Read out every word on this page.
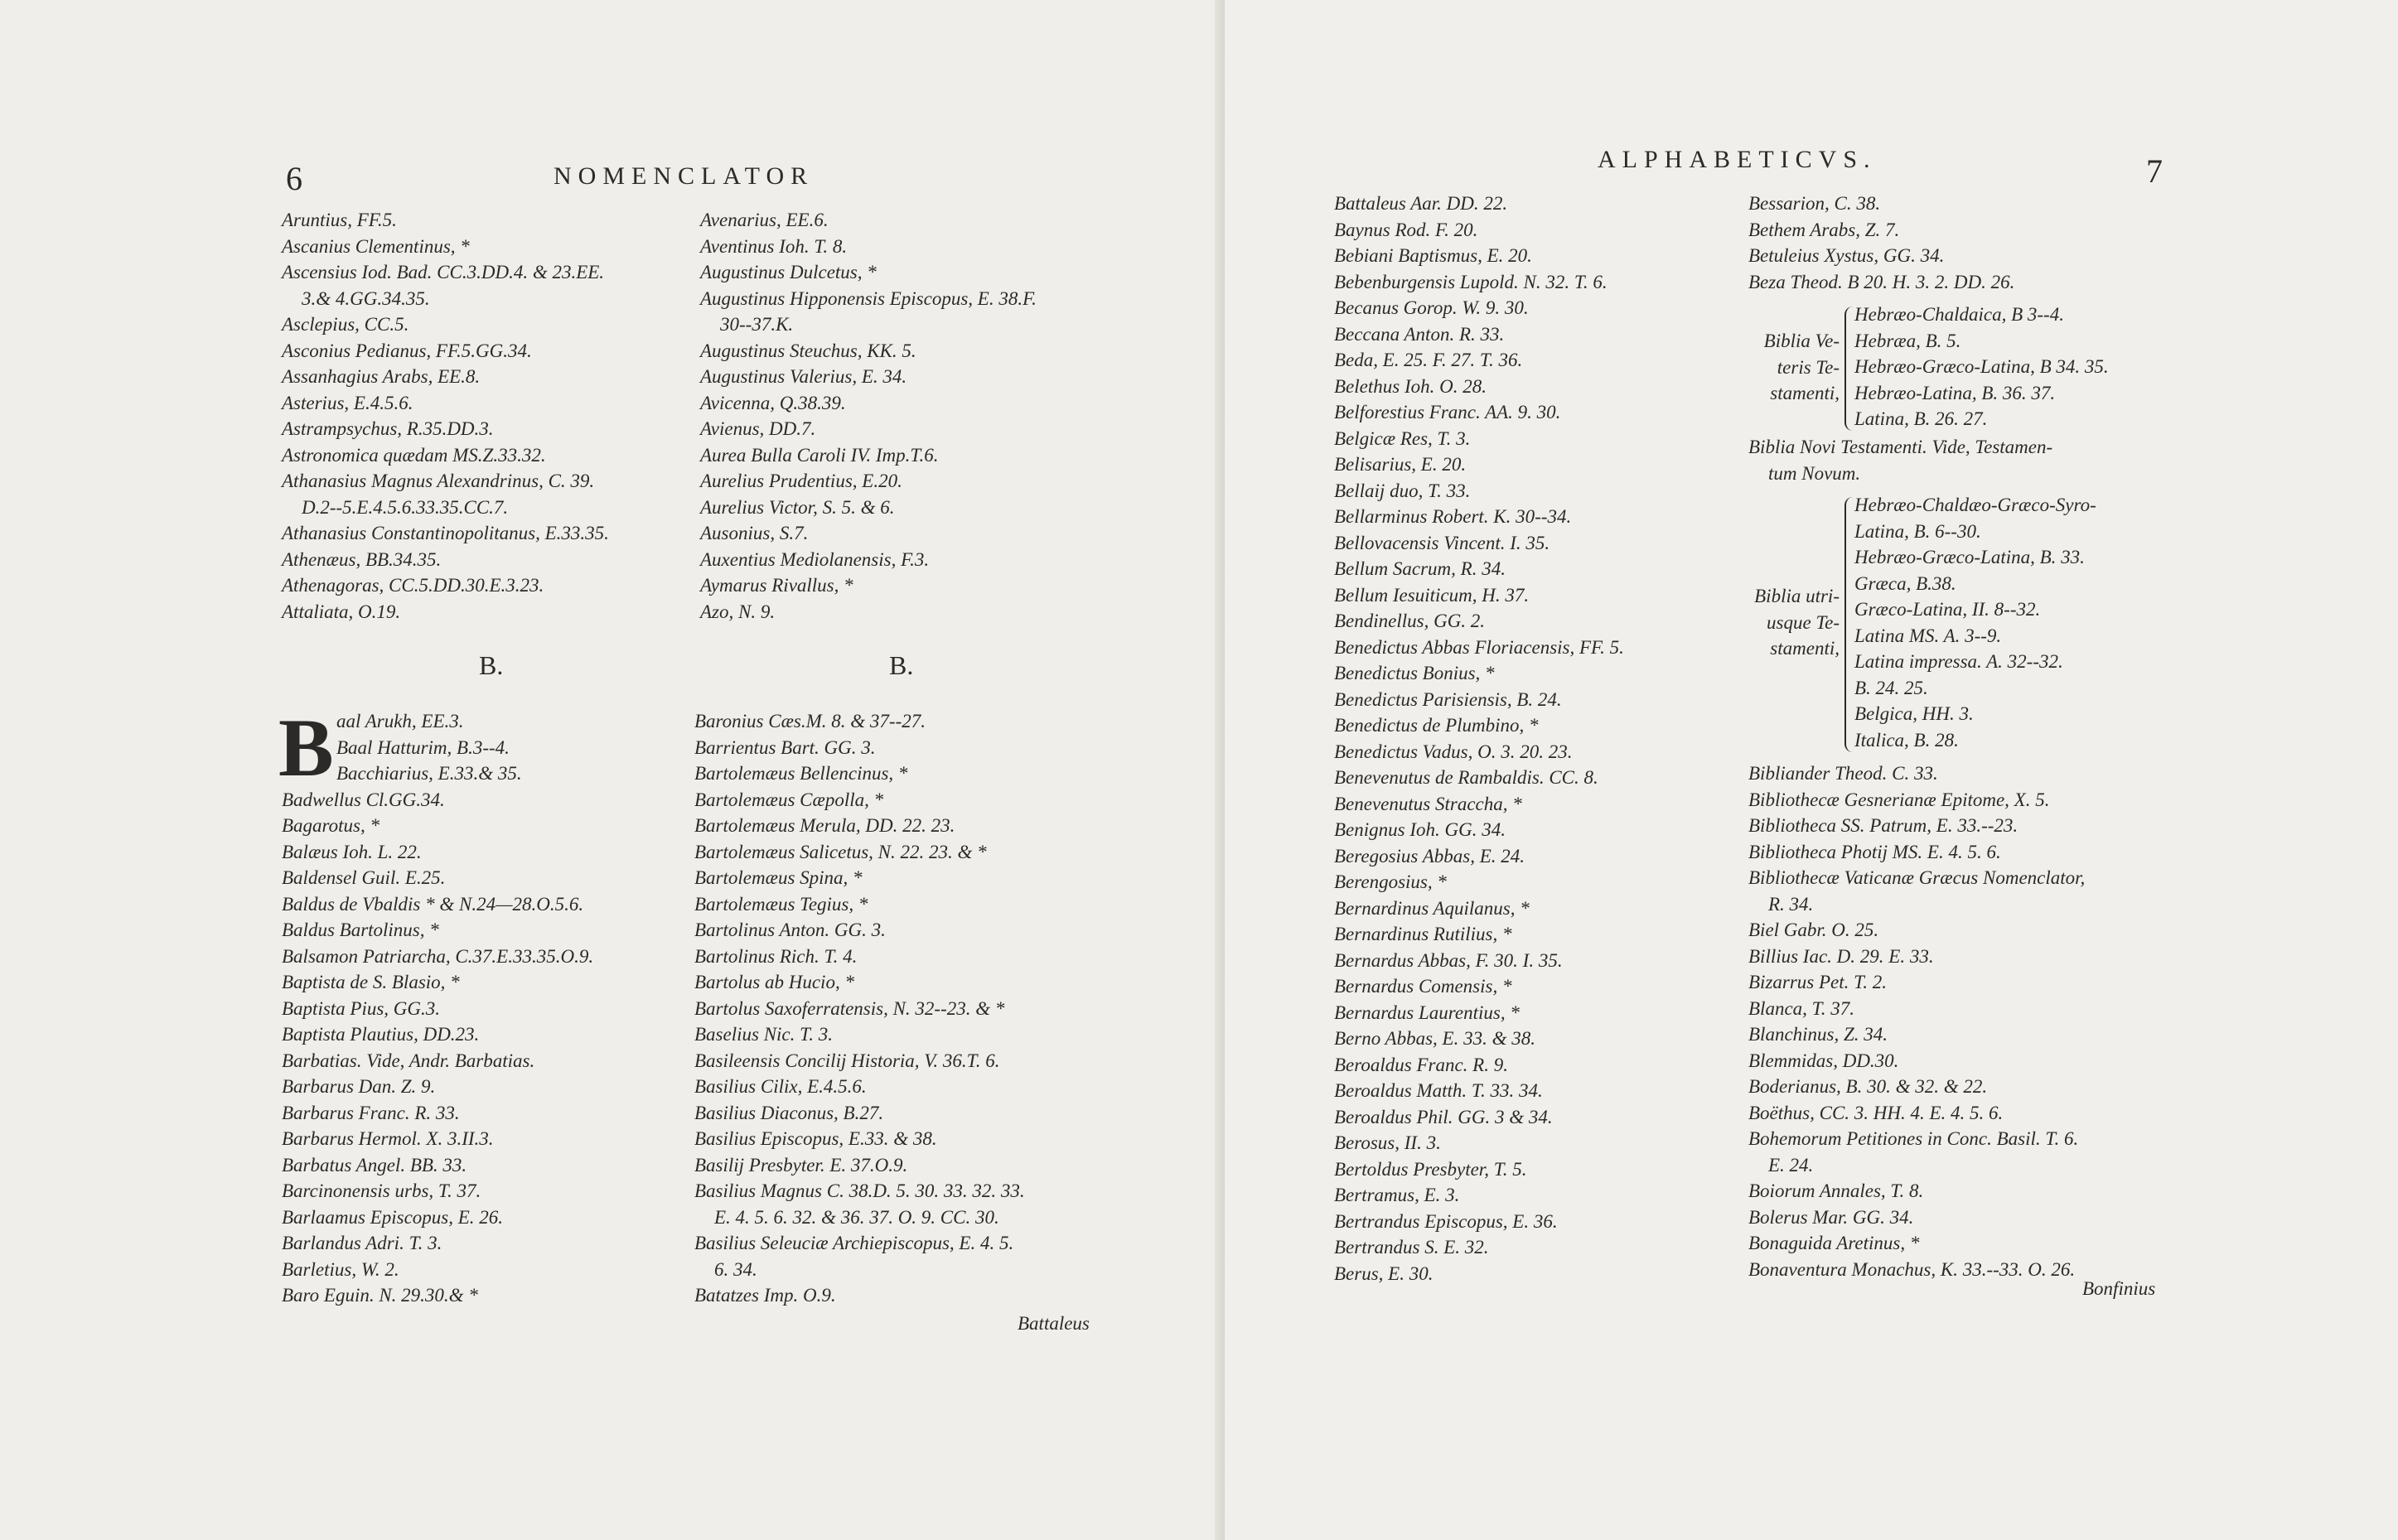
6	NOMENCLATOR
Aruntius, FF.5.
Ascanius Clementinus, *
Ascensius Iod. Bad. CC.3.DD.4. & 23.EE.
3.& 4.GG.34.35.
Asclepius, CC.5.
Asconius Pedianus, FF.5.GG.34.
Assanhagius Arabs, EE.8.
Asterius, E.4.5.6.
Astrampsychus, R.35.DD.3.
Astronomica quædam MS.Z.33.32.
Athanasius Magnus Alexandrinus, C. 39.
D.2--5.E.4.5.6.33.35.CC.7.
Athanasius Constantinopolitanus, E.33.35.
Athenæus, BB.34.35.
Athenagoras, CC.5.DD.30.E.3.23.
Attaliata, O.19.
Avenarius, EE.6.
Aventinus Ioh. T. 8.
Augustinus Dulcetus, *
Augustinus Hipponensis Episcopus, E. 38.F.
30--37.K.
Augustinus Steuchus, KK. 5.
Augustinus Valerius, E. 34.
Avicenna, Q.38.39.
Avienus, DD.7.
Aurea Bulla Caroli IV. Imp.T.6.
Aurelius Prudentius, E.20.
Aurelius Victor, S. 5. & 6.
Ausonius, S.7.
Auxentius Mediolanensis, F.3.
Aymarus Rivallus, *
Azo, N. 9.
B.	B.
B aal Arukh, EE.3.
Baal Hatturim, B.3--4.
Bacchiarius, E.33.& 35.
Badwellus Cl.GG.34.
Bagarotus, *
Balæus Ioh. L. 22.
Baldensel Guil. E.25.
Baldus de Vbaldis * & N.24—28.O.5.6.
Baldus Bartolinus, *
Balsamon Patriarcha, C.37.E.33.35.O.9.
Baptista de S. Blasio, *
Baptista Pius, GG.3.
Baptista Plautius, DD.23.
Barbatias. Vide, Andr. Barbatias.
Barbarus Dan. Z. 9.
Barbarus Franc. R. 33.
Barbarus Hermol. X. 3.II.3.
Barbatus Angel. BB. 33.
Barcinonensis urbs, T. 37.
Barlaamus Episcopus, E. 26.
Barlandus Adri. T. 3.
Barletius, W. 2.
Baro Eguin. N. 29.30.& *
Baronius Cæs.M. 8. & 37--27.
Barrientus Bart. GG. 3.
Bartolemæus Bellencinus, *
Bartolemæus Cæpolla, *
Bartolemæus Merula, DD. 22. 23.
Bartolemæus Salicetus, N. 22. 23. & *
Bartolemæus Spina, *
Bartolemæus Tegius, *
Bartolinus Anton. GG. 3.
Bartolinus Rich. T. 4.
Bartolus ab Hucio, *
Bartolus Saxoferratensis, N. 32--23. & *
Baselius Nic. T. 3.
Basileensis Concilij Historia, V. 36.T. 6.
Basilius Cilix, E.4.5.6.
Basilius Diaconus, B.27.
Basilius Episcopus, E.33. & 38.
Basilij Presbyter. E. 37.O.9.
Basilius Magnus C. 38.D. 5. 30. 33. 32. 33.
E. 4. 5. 6. 32. & 36. 37. O. 9. CC. 30.
Basilius Seleuciæ Archiepiscopus, E. 4. 5.
6. 34.
Batatzes Imp. O.9.
Battaleus
ALPHABETICVS.	7
Battaleus Aar. DD. 22.
Baynus Rod. F. 20.
Bebiani Baptismus, E. 20.
Bebenburgensis Lupold. N. 32. T. 6.
Becanus Gorop. W. 9. 30.
Beccana Anton. R. 33.
Beda, E. 25. F. 27. T. 36.
Belethus Ioh. O. 28.
Belforestius Franc. AA. 9. 30.
Belgicæ Res, T. 3.
Belisarius, E. 20.
Bellaij duo, T. 33.
Bellarminus Robert. K. 30--34.
Bellovacensis Vincent. I. 35.
Bellum Sacrum, R. 34.
Bellum Iesuiticum, H. 37.
Bendinellus, GG. 2.
Benedictus Abbas Floriacensis, FF. 5.
Benedictus Bonius, *
Benedictus Parisiensis, B. 24.
Benedictus de Plumbino, *
Benedictus Vadus, O. 3. 20. 23.
Benevenutus de Rambaldis. CC. 8.
Benevenutus Straccha, *
Benignus Ioh. GG. 34.
Beregosius Abbas, E. 24.
Berengosius, *
Bernardinus Aquilanus, *
Bernardinus Rutilius, *
Bernardus Abbas, F. 30. I. 35.
Bernardus Comensis, *
Bernardus Laurentius, *
Berno Abbas, E. 33. & 38.
Beroaldus Franc. R. 9.
Beroaldus Matth. T. 33. 34.
Beroaldus Phil. GG. 3 & 34.
Berosus, II. 3.
Bertoldus Presbyter, T. 5.
Bertramus, E. 3.
Bertrandus Episcopus, E. 36.
Bertrandus S. E. 32.
Berus, E. 30.
Bessarion, C. 38.
Bethem Arabs, Z. 7.
Betuleius Xystus, GG. 34.
Beza Theod. B 20. H. 3. 2. DD. 26.
Biblia Ve-
teris Te-
stamenti,
Hebræo-Chaldaica, B 3--4.
Hebræa, B. 5.
Hebræo-Græco-Latina, B 34. 35.
Hebræo-Latina, B. 36. 37.
Latina, B. 26. 27.
Biblia Novi Testamenti. Vide, Testamen-
tum Novum.
Biblia utri-
usque Te-
stamenti,
Hebræo-Chaldæo-Græco-Syro-
Latina, B. 6--30.
Hebræo-Græco-Latina, B. 33.
Græca, B.38.
Græco-Latina, II. 8--32.
Latina MS. A. 3--9.
Latina impressa. A. 32--32.
B. 24. 25.
Belgica, HH. 3.
Italica, B. 28.
Bibliander Theod. C. 33.
Bibliothecæ Gesnerianæ Epitome, X. 5.
Bibliotheca SS. Patrum, E. 33.--23.
Bibliotheca Photij MS. E. 4. 5. 6.
Bibliothecæ Vaticanæ Græcus Nomenclator,
R. 34.
Biel Gabr. O. 25.
Billius Iac. D. 29. E. 33.
Bizarrus Pet. T. 2.
Blanca, T. 37.
Blanchinus, Z. 34.
Blemmidas, DD.30.
Boderianus, B. 30. & 32. & 22.
Boëthus, CC. 3. HH. 4. E. 4. 5. 6.
Bohemorum Petitiones in Conc. Basil. T. 6.
E. 24.
Boiorum Annales, T. 8.
Bolerus Mar. GG. 34.
Bonaguida Aretinus, *
Bonaventura Monachus, K. 33.--33. O. 26.
Bonfinius
